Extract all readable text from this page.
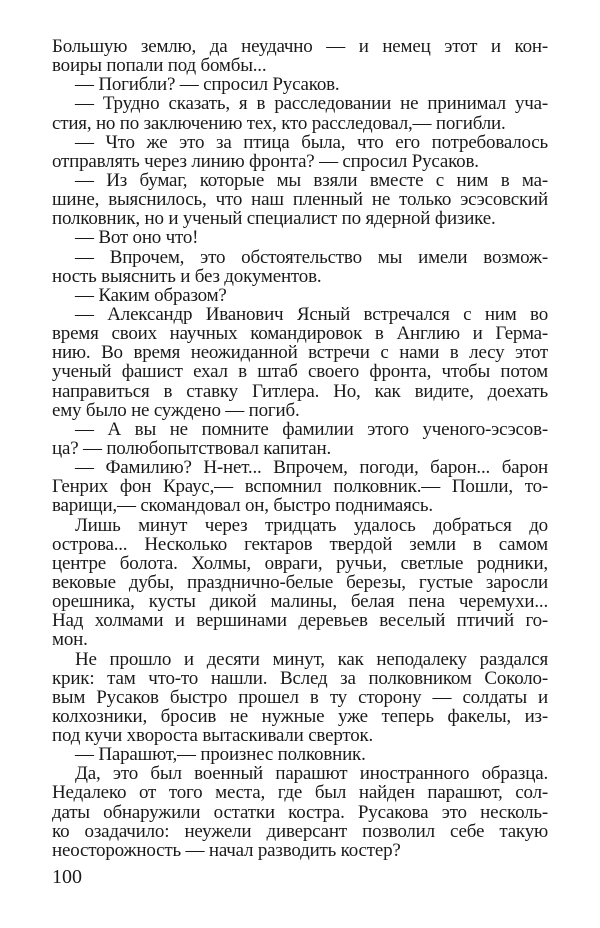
Большую землю, да неудачно — и немец этот и кон-
воиры попали под бомбы...
— Погибли? — спросил Русаков.
— Трудно сказать, я в расследовании не принимал уча-
стия, но по заключению тех, кто расследовал,— погибли.
— Что же это за птица была, что его потребовалось
отправлять через линию фронта? — спросил Русаков.
— Из бумаг, которые мы взяли вместе с ним в ма-
шине, выяснилось, что наш пленный не только эсэсовский
полковник, но и ученый специалист по ядерной физике.
— Вот оно что!
— Впрочем, это обстоятельство мы имели возмож-
ность выяснить и без документов.
— Каким образом?
— Александр Иванович Ясный встречался с ним во
время своих научных командировок в Англию и Герма-
нию. Во время неожиданной встречи с нами в лесу этот
ученый фашист ехал в штаб своего фронта, чтобы потом
направиться в ставку Гитлера. Но, как видите, доехать
ему было не суждено — погиб.
— А вы не помните фамилии этого ученого-эсэсов-
ца? — полюбопытствовал капитан.
— Фамилию? Н-нет... Впрочем, погоди, барон... барон
Генрих фон Краус,— вспомнил полковник.— Пошли, то-
варищи,— скомандовал он, быстро поднимаясь.
Лишь минут через тридцать удалось добраться до
острова... Несколько гектаров твердой земли в самом
центре болота. Холмы, овраги, ручьи, светлые родники,
вековые дубы, празднично-белые березы, густые заросли
орешника, кусты дикой малины, белая пена черемухи...
Над холмами и вершинами деревьев веселый птичий го-
мон.
Не прошло и десяти минут, как неподалеку раздался
крик: там что-то нашли. Вслед за полковником Соколо-
вым Русаков быстро прошел в ту сторону — солдаты и
колхозники, бросив не нужные уже теперь факелы, из-
под кучи хвороста вытаскивали сверток.
— Парашют,— произнес полковник.
Да, это был военный парашют иностранного образца.
Недалеко от того места, где был найден парашют, сол-
даты обнаружили остатки костра. Русакова это несколь-
ко озадачило: неужели диверсант позволил себе такую
неосторожность — начал разводить костер?
100
